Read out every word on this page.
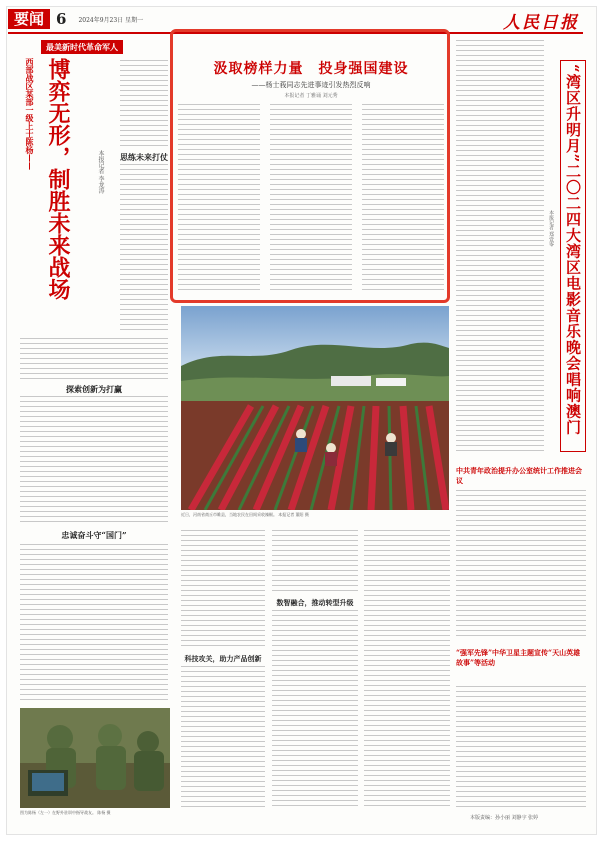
要闻 6 2024年9月23日 星期一	人民日报
最美新时代革命军人
西部战区某部一级上士陈杨—— 博弈无形，制胜未来战场	本报记者 李龙涛 思练未来打仗
探索创新为打赢
忠诚奋斗守“国门”
图为陈杨（左一）在野外驻训中指导战友。 陈杨 摄
汲取榜样力量　投身强国建设
——杨士莪同志先进事迹引发热烈反响
本报记者 丁雅诵 刘元秀
近日，河南省商丘市睢县，当地农民在田间采收辣椒。 本报记者 董阳 摄
科技攻关，助力产品创新
数智融合，推动转型升级
“湾区升明月”二〇二四大湾区电影音乐晚会唱响澳门
本报记者 郑壹零
中共青年政治提升办公室统计工作推进会议
“强军先锋”中华卫星主题宣传“天山英雄故事”等活动
本版责编：孙小丽 刘静宇 张婷
